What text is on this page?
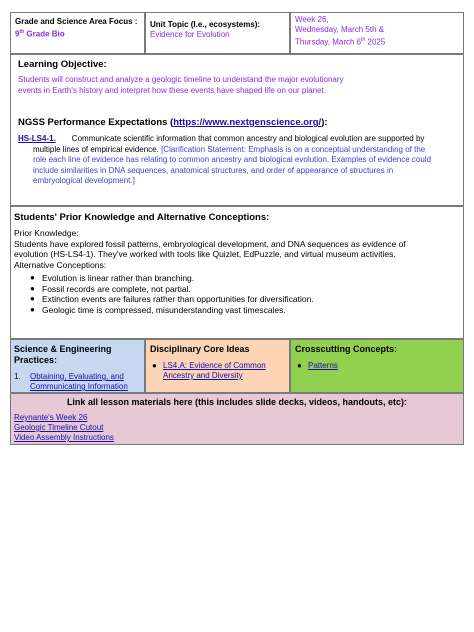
Grade and Science Area Focus :
9th Grade Bio
Unit Topic (I.e., ecosystems):
Evidence for Evolution
Week 26,
Wednesday, March 5th &
Thursday, March 6th 2025
Learning Objective:
Students will construct and analyze a geologic timeline to understand the major evolutionary
events in Earth's history and interpret how these events have shaped life on our planet.
NGSS Performance Expectations (https://www.nextgenscience.org/):
HS-LS4-1. Communicate scientific information that common ancestry and biological evolution are supported by
multiple lines of empirical evidence. [Clarification Statement: Emphasis is on a conceptual understanding of the
role each line of evidence has relating to common ancestry and biological evolution. Examples of evidence could
include similarities in DNA sequences, anatomical structures, and order of appearance of structures in
embryological development.]
Students' Prior Knowledge and Alternative Conceptions:
Prior Knowledge:
Students have explored fossil patterns, embryological development, and DNA sequences as evidence of
evolution (HS-LS4-1). They've worked with tools like Quizlet, EdPuzzle, and virtual museum activities.
Alternative Conceptions:
● Evolution is linear rather than branching.
● Fossil records are complete, not partial.
● Extinction events are failures rather than opportunities for diversification.
● Geologic time is compressed, misunderstanding vast timescales.
Science & Engineering
Practices:
1. Obtaining, Evaluating, and
Communicating Information
Disciplinary Core Ideas
● LS4.A: Evidence of Common
Ancestry and Diversity
Crosscutting Concepts:
● Patterns
Link all lesson materials here (this includes slide decks, videos, handouts, etc):
Reynante's Week 26
Geologic Timeline Cutout
Video Assembly Instructions
